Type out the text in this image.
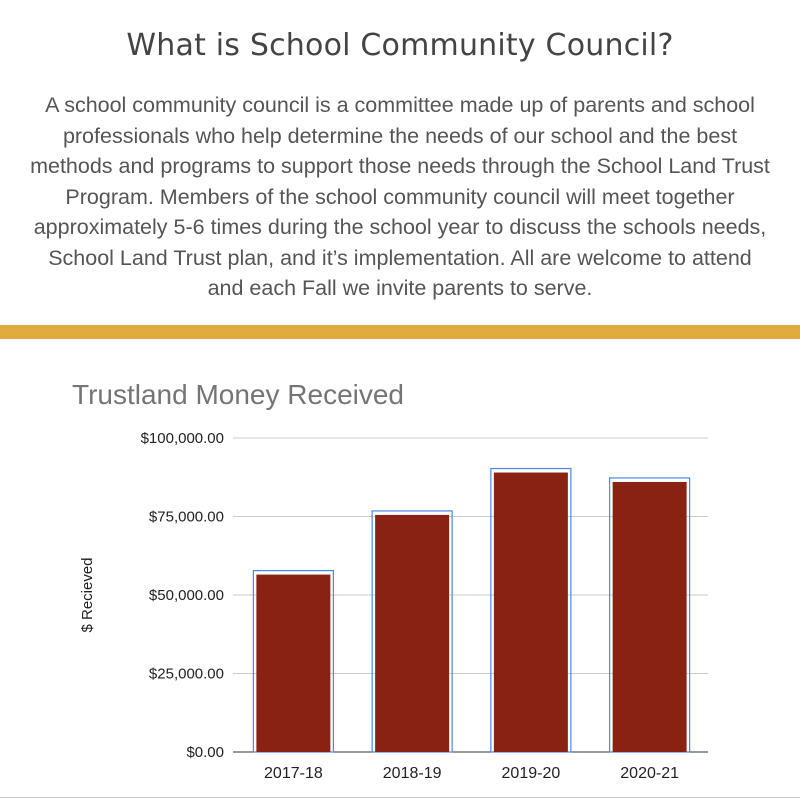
What is School Community Council?
A school community council is a committee made up of parents and school
professionals who help determine the needs of our school and the best
methods and programs to support those needs through the School Land Trust
Program. Members of the school community council will meet together
approximately 5-6 times during the school year to discuss the schools needs,
School Land Trust plan, and it’s implementation. All are welcome to attend
and each Fall we invite parents to serve.
Trustland Money Received
$0.00
$25,000.00
$50,000.00
$75,000.00
$100,000.00
2017-18	2018-19	2019-20	2020-21
$ Recieved
